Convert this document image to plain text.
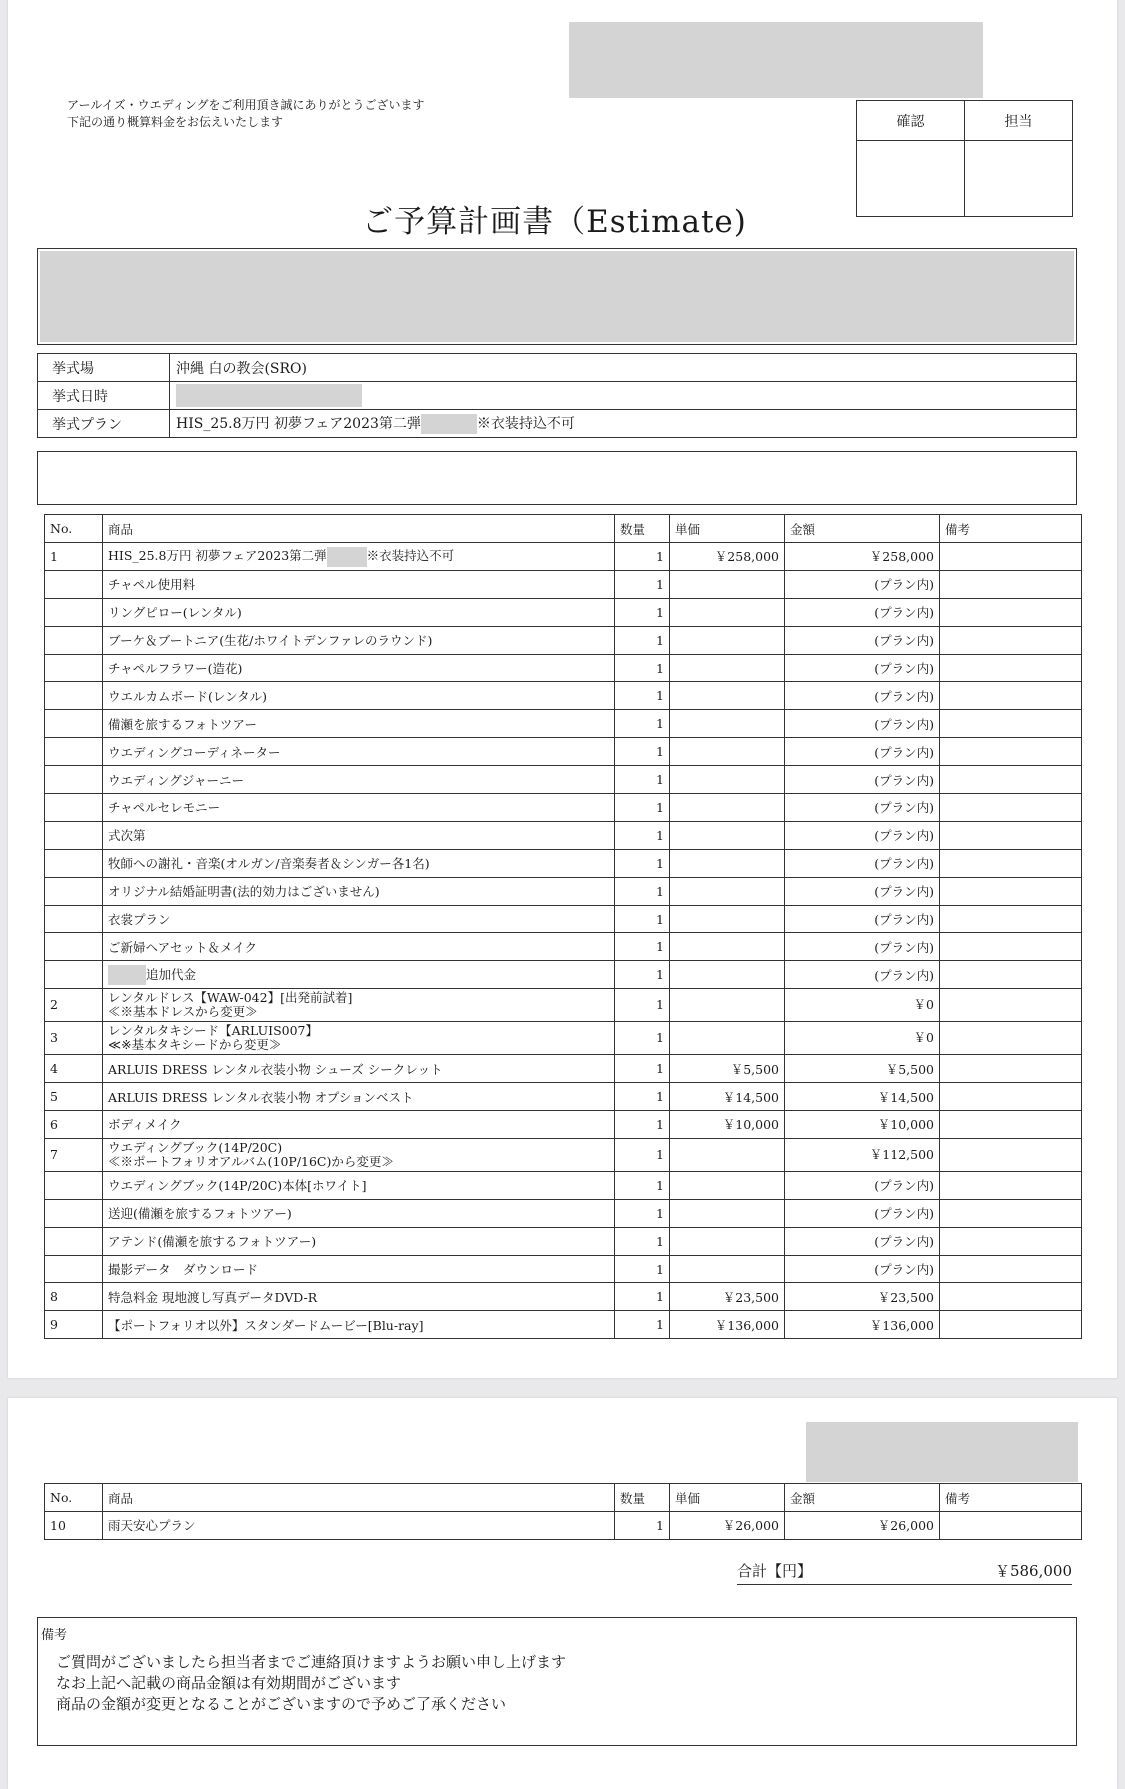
アールイズ・ウエディングをご利用頂き誠にありがとうございます
下記の通り概算料金をお伝えいたします	確認	担当

ご予算計画書（Estimate)
挙式場	沖縄 白の教会(SRO)
挙式日時	
挙式プラン	HIS_25.8万円 初夢フェア2023第二弾 ※衣装持込不可
No.	商品	数量	単価	金額	備考
1	HIS_25.8万円 初夢フェア2023第二弾 ※衣装持込不可	1	￥258,000	￥258,000	
	チャペル使用料	1		(プラン内)	
	リングピロー(レンタル)	1		(プラン内)	
	ブーケ＆ブートニア(生花/ホワイトデンファレのラウンド)	1		(プラン内)	
	チャペルフラワー(造花)	1		(プラン内)	
	ウエルカムボード(レンタル)	1		(プラン内)	
	備瀬を旅するフォトツアー	1		(プラン内)	
	ウエディングコーディネーター	1		(プラン内)	
	ウエディングジャーニー	1		(プラン内)	
	チャペルセレモニー	1		(プラン内)	
	式次第	1		(プラン内)	
	牧師への謝礼・音楽(オルガン/音楽奏者＆シンガー各1名)	1		(プラン内)	
	オリジナル結婚証明書(法的効力はございません)	1		(プラン内)	
	衣裳プラン	1		(プラン内)	
	ご新婦ヘアセット＆メイク	1		(プラン内)	
	追加代金	1		(プラン内)	
2	レンタルドレス【WAW-042】[出発前試着]
≪※基本ドレスから変更≫	1		￥0	
3	レンタルタキシード【ARLUIS007】
≪※基本タキシードから変更≫	1		￥0	
4	ARLUIS DRESS レンタル衣装小物 シューズ シークレット	1	￥5,500	￥5,500	
5	ARLUIS DRESS レンタル衣装小物 オプションベスト	1	￥14,500	￥14,500	
6	ボディメイク	1	￥10,000	￥10,000	
7	ウエディングブック(14P/20C)
≪※ポートフォリオアルバム(10P/16C)から変更≫	1		￥112,500	
	ウエディングブック(14P/20C)本体[ホワイト]	1		(プラン内)	
	送迎(備瀬を旅するフォトツアー)	1		(プラン内)	
	アテンド(備瀬を旅するフォトツアー)	1		(プラン内)	
	撮影データ　ダウンロード	1		(プラン内)	
8	特急料金 現地渡し写真データDVD-R	1	￥23,500	￥23,500	
9	【ポートフォリオ以外】スタンダードムービー[Blu-ray]	1	￥136,000	￥136,000	
No.	商品	数量	単価	金額	備考
10	雨天安心プラン	1	￥26,000	￥26,000	
合計【円】	￥586,000
備考
ご質問がございましたら担当者までご連絡頂けますようお願い申し上げます
なお上記へ記載の商品金額は有効期間がございます
商品の金額が変更となることがございますので予めご了承ください
